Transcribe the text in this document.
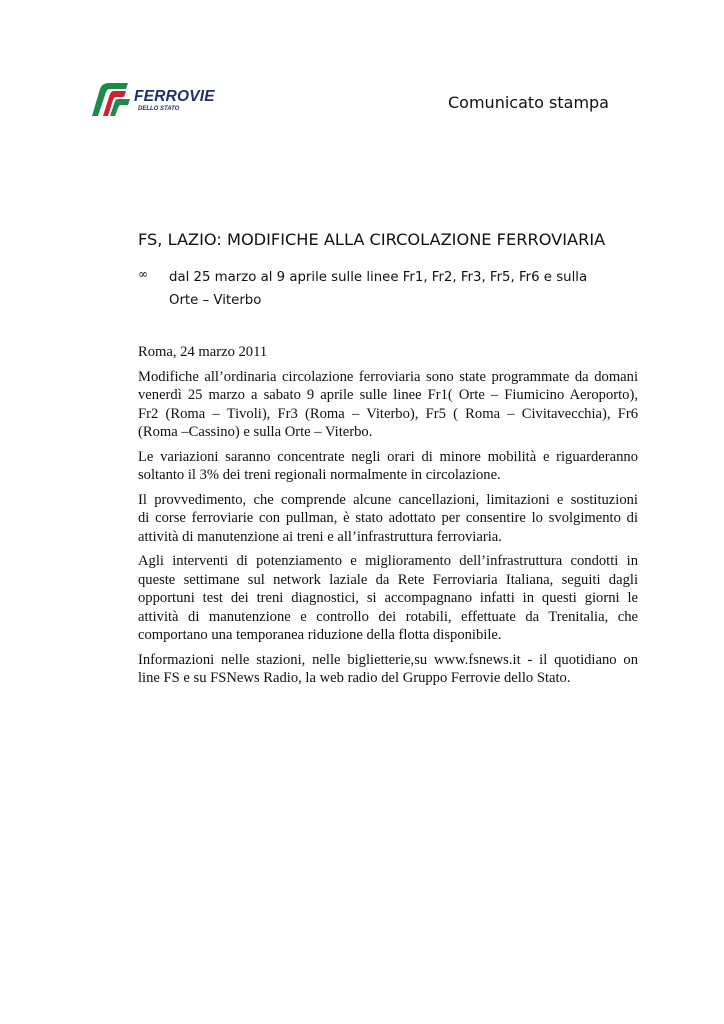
FERROVIE
DELLO STATO	Comunicato stampa
FS, LAZIO: MODIFICHE ALLA CIRCOLAZIONE FERROVIARIA
∞ dal 25 marzo al 9 aprile sulle linee Fr1, Fr2, Fr3, Fr5, Fr6 e sulla
Orte – Viterbo

Roma, 24 marzo 2011

Modifiche all’ordinaria circolazione ferroviaria sono state programmate da domani
venerdì 25 marzo a sabato 9 aprile sulle linee Fr1( Orte – Fiumicino Aeroporto),
Fr2 (Roma – Tivoli), Fr3 (Roma – Viterbo), Fr5 ( Roma – Civitavecchia), Fr6
(Roma –Cassino) e sulla Orte – Viterbo.

Le variazioni saranno concentrate negli orari di minore mobilità e riguarderanno
soltanto il 3% dei treni regionali normalmente in circolazione.

Il provvedimento, che comprende alcune cancellazioni, limitazioni e sostituzioni
di corse ferroviarie con pullman, è stato adottato per consentire lo svolgimento di
attività di manutenzione ai treni e all’infrastruttura ferroviaria.

Agli interventi di potenziamento e miglioramento dell’infrastruttura condotti in
queste settimane sul network laziale da Rete Ferroviaria Italiana, seguiti dagli
opportuni test dei treni diagnostici, si accompagnano infatti in questi giorni le
attività di manutenzione e controllo dei rotabili, effettuate da Trenitalia, che
comportano una temporanea riduzione della flotta disponibile.

Informazioni nelle stazioni, nelle biglietterie,su www.fsnews.it - il quotidiano on
line FS e su FSNews Radio, la web radio del Gruppo Ferrovie dello Stato.
